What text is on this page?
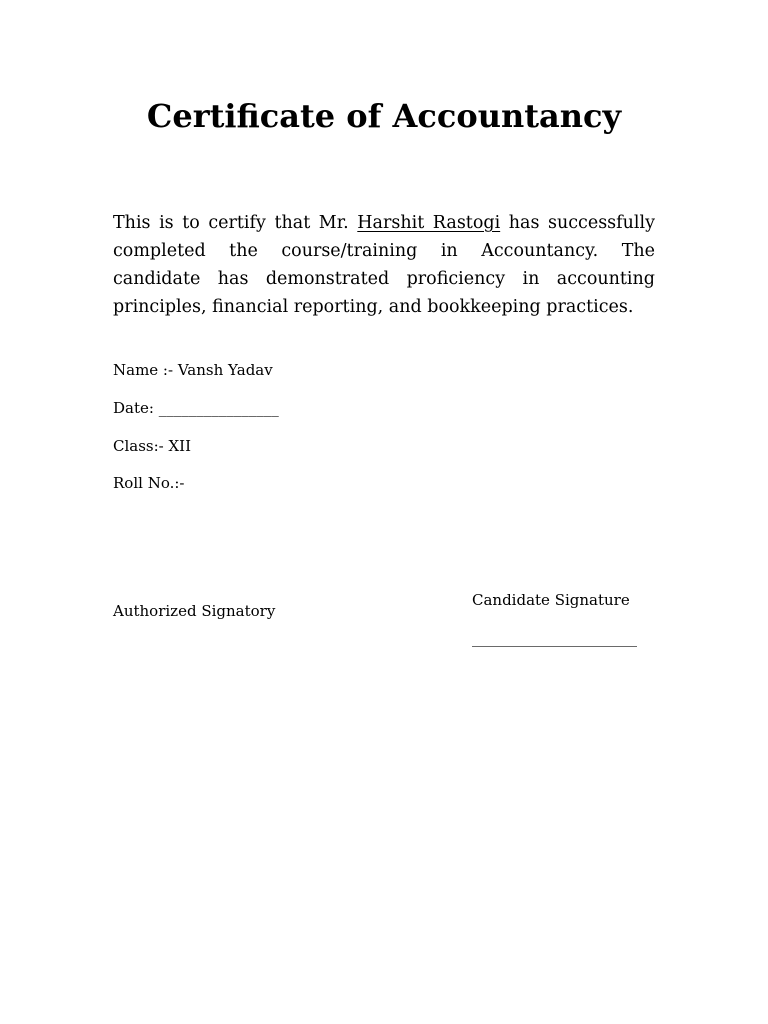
Certificate of Accountancy

This is to certify that Mr. Harshit Rastogi has successfully completed the course/training in Accountancy. The candidate has demonstrated proficiency in accounting principles, financial reporting, and bookkeeping practices.

Name :- Vansh Yadav

Date: ________________

Class:- XII

Roll No.:-

Authorized Signatory

Candidate Signature

______________________
